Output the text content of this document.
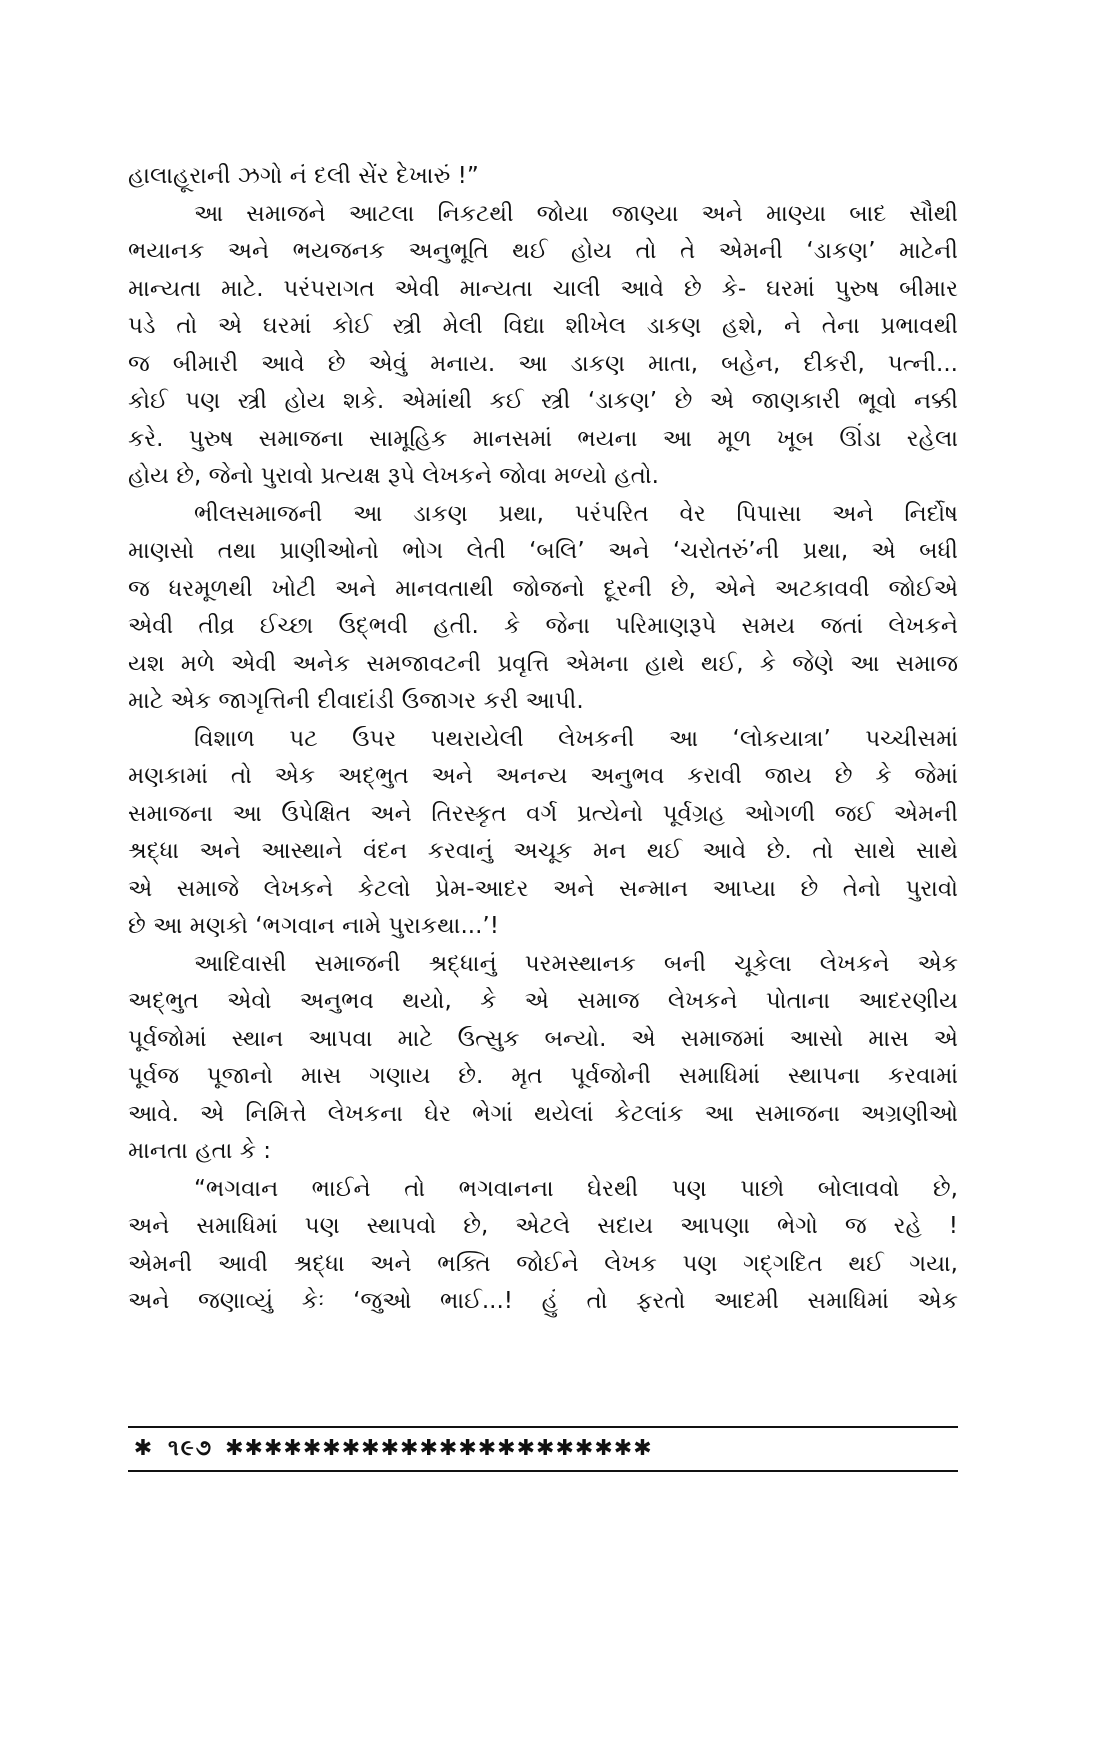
હાલાહૂરાની ઝગો નં દલી સેંર દેખારું !”
આ સમાજને આટલા નિકટથી જોયા જાણ્યા અને માણ્યા બાદ સૌથી
ભયાનક અને ભયજનક અનુભૂતિ થઈ હોય તો તે એમની ‘ડાકણ’ માટેની
માન્યતા માટે. પરંપરાગત એવી માન્યતા ચાલી આવે છે કે- ઘરમાં પુરુષ બીમાર
પડે તો એ ઘરમાં કોઈ સ્ત્રી મેલી વિદ્યા શીખેલ ડાકણ હશે, ને તેના પ્રભાવથી
જ બીમારી આવે છે એવું મનાય. આ ડાકણ માતા, બહેન, દીકરી, પત્ની...
કોઈ પણ સ્ત્રી હોય શકે. એમાંથી કઈ સ્ત્રી ‘ડાકણ’ છે એ જાણકારી ભૂવો નક્કી
કરે. પુરુષ સમાજના સામૂહિક માનસમાં ભયના આ મૂળ ખૂબ ઊંડા રહેલા
હોય છે, જેનો પુરાવો પ્રત્યક્ષ રૂપે લેખકને જોવા મળ્યો હતો.
ભીલસમાજની આ ડાકણ પ્રથા, પરંપરિત વેર પિપાસા અને નિર્દોષ
માણસો તથા પ્રાણીઓનો ભોગ લેતી ‘બલિ’ અને ‘ચરોતરું’ની પ્રથા, એ બધી
જ ધરમૂળથી ખોટી અને માનવતાથી જોજનો દૂરની છે, એને અટકાવવી જોઈએ
એવી તીવ્ર ઈચ્છા ઉદ્ભવી હતી. કે જેના પરિમાણરૂપે સમય જતાં લેખકને
યશ મળે એવી અનેક સમજાવટની પ્રવૃત્તિ એમના હાથે થઈ, કે જેણે આ સમાજ
માટે એક જાગૃત્તિની દીવાદાંડી ઉજાગર કરી આપી.
વિશાળ પટ ઉપર પથરાયેલી લેખકની આ ‘લોકયાત્રા’ પચ્ચીસમાં
મણકામાં તો એક અદ્ભુત અને અનન્ય અનુભવ કરાવી જાય છે કે જેમાં
સમાજના આ ઉપેક્ષિત અને તિરસ્કૃત વર્ગ પ્રત્યેનો પૂર્વગ્રહ ઓગળી જઈ એમની
શ્રદ્ધા અને આસ્થાને વંદન કરવાનું અચૂક મન થઈ આવે છે. તો સાથે સાથે
એ સમાજે લેખકને કેટલો પ્રેમ-આદર અને સન્માન આપ્યા છે તેનો પુરાવો
છે આ મણકો ‘ભગવાન નામે પુરાકથા...’!
આદિવાસી સમાજની શ્રદ્ધાનું પરમસ્થાનક બની ચૂકેલા લેખકને એક
અદ્ભુત એવો અનુભવ થયો, કે એ સમાજ લેખકને પોતાના આદરણીય
પૂર્વજોમાં સ્થાન આપવા માટે ઉત્સુક બન્યો. એ સમાજમાં આસો માસ એ
પૂર્વજ પૂજાનો માસ ગણાય છે. મૃત પૂર્વજોની સમાધિમાં સ્થાપના કરવામાં
આવે. એ નિમિત્તે લેખકના ઘેર ભેગાં થયેલાં કેટલાંક આ સમાજના અગ્રણીઓ
માનતા હતા કે :
“ભગવાન ભાઈને તો ભગવાનના ઘેરથી પણ પાછો બોલાવવો છે,
અને સમાધિમાં પણ સ્થાપવો છે, એટલે સદાય આપણા ભેગો જ રહે !
એમની આવી શ્રદ્ધા અને ભક્તિ જોઈને લેખક પણ ગદ્ગદિત થઈ ગયા,
અને જણાવ્યું કેઃ ‘જુઓ ભાઈ...! હું તો ફરતો આદમી સમાધિમાં એક
✱ ૧૯૭ ✱✱✱✱✱✱✱✱✱✱✱✱✱✱✱✱✱✱✱✱✱✱
